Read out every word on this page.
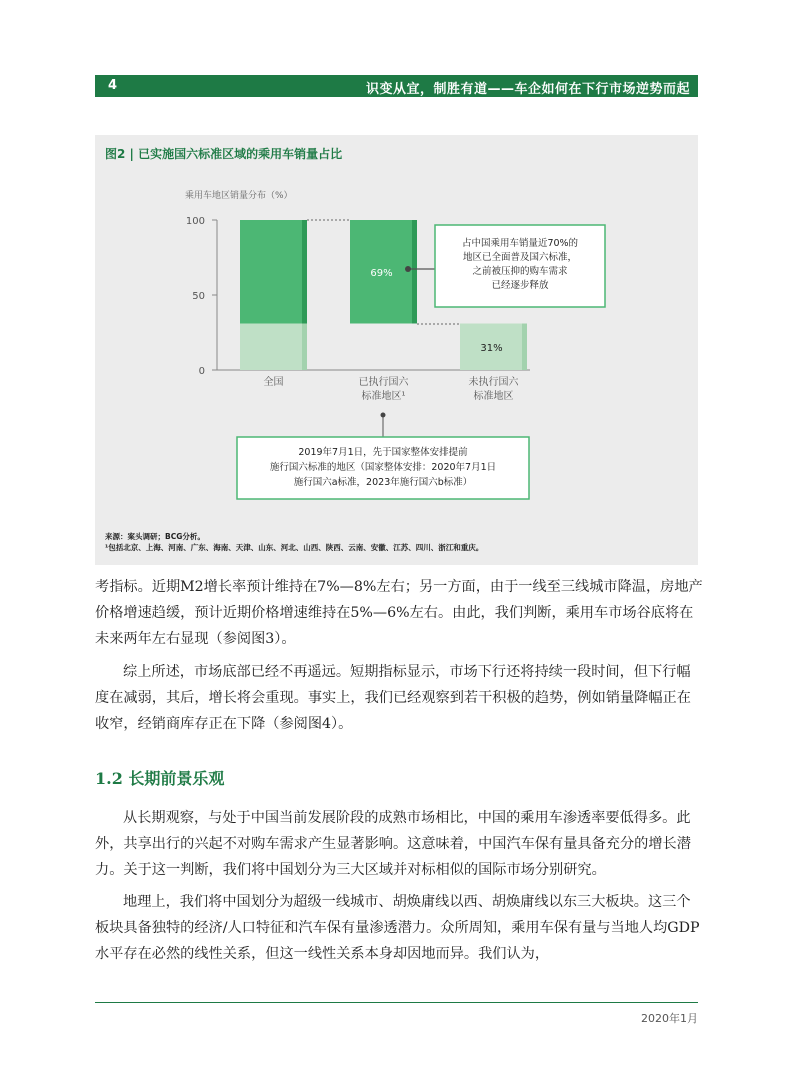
4	识变从宜，制胜有道——车企如何在下行市场逆势而起
图2 | 已实施国六标准区域的乘用车销量占比
乘用车地区销量分布（%）
100
50
0
69%
31%
全国	已执行国六
标准地区¹
未执行国六
标准地区
占中国乘用车销量近70%的
地区已全面普及国六标准，
之前被压抑的购车需求
已经逐步释放
2019年7月1日，先于国家整体安排提前
施行国六标准的地区（国家整体安排：2020年7月1日
施行国六a标准，2023年施行国六b标准）
来源：案头调研；BCG分析。
¹包括北京、上海、河南、广东、海南、天津、山东、河北、山西、陕西、云南、安徽、江苏、四川、浙江和重庆。
考指标。近期M2增长率预计维持在7%—8%左右；另一方面，由于一线至三线城市降温，房地产价格增速趋缓，预计近期价格增速维持在5%—6%左右。由此，我们判断，乘用车市场谷底将在未来两年左右显现（参阅图3）。
综上所述，市场底部已经不再遥远。短期指标显示，市场下行还将持续一段时间，但下行幅度在减弱，其后，增长将会重现。事实上，我们已经观察到若干积极的趋势，例如销量降幅正在收窄，经销商库存正在下降（参阅图4）。
1.2 长期前景乐观
从长期观察，与处于中国当前发展阶段的成熟市场相比，中国的乘用车渗透率要低得多。此外，共享出行的兴起不对购车需求产生显著影响。这意味着，中国汽车保有量具备充分的增长潜力。关于这一判断，我们将中国划分为三大区域并对标相似的国际市场分别研究。
地理上，我们将中国划分为超级一线城市、胡焕庸线以西、胡焕庸线以东三大板块。这三个板块具备独特的经济/人口特征和汽车保有量渗透潜力。众所周知，乘用车保有量与当地人均GDP水平存在必然的线性关系，但这一线性关系本身却因地而异。我们认为，
2020年1月
